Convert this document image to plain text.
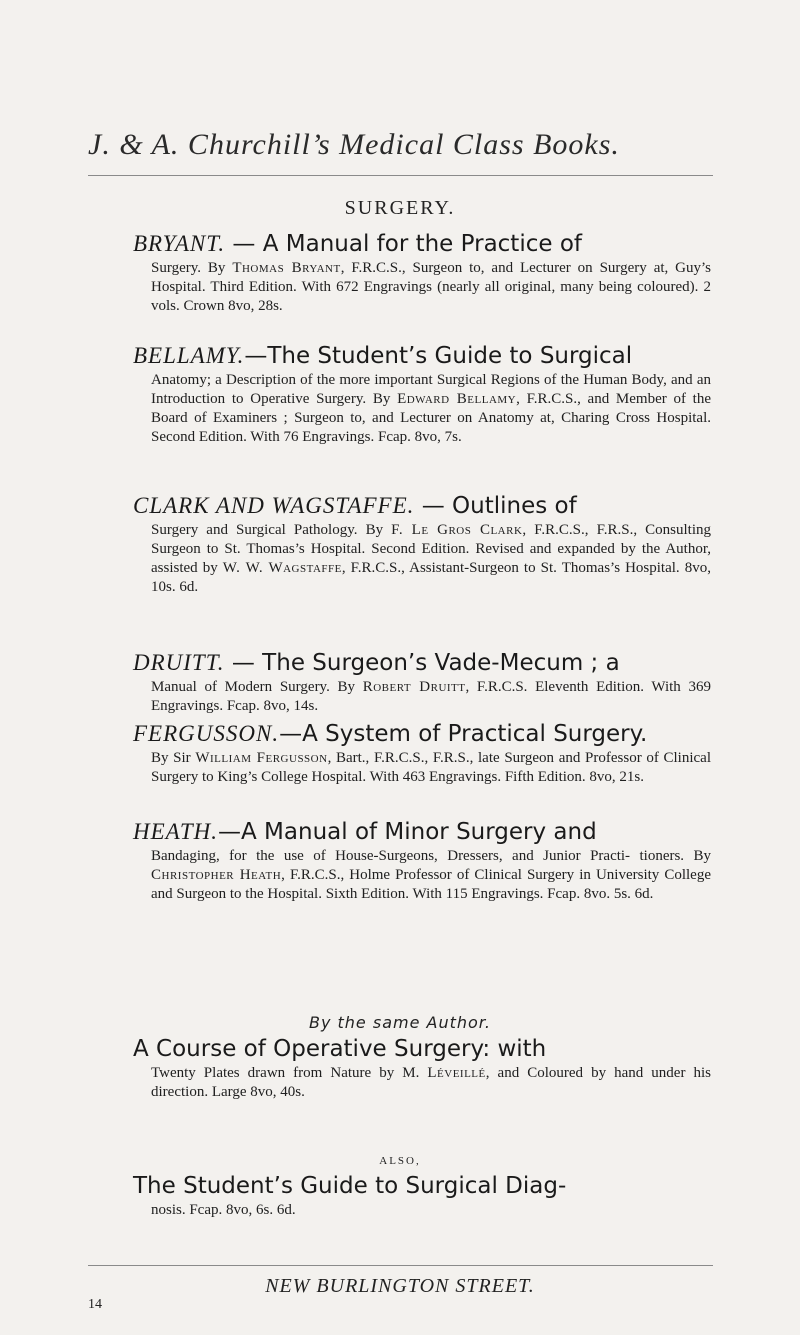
J. & A. Churchill’s Medical Class Books.
SURGERY.
BRYANT. — A Manual for the Practice of
Surgery. By Thomas Bryant, F.R.C.S., Surgeon to, and Lecturer on Surgery at, Guy’s Hospital. Third Edition. With 672 Engravings (nearly all original, many being coloured). 2 vols. Crown 8vo, 28s.
BELLAMY.—The Student’s Guide to Surgical
Anatomy; a Description of the more important Surgical Regions of the Human Body, and an Introduction to Operative Surgery. By Edward Bellamy, F.R.C.S., and Member of the Board of Examiners ; Surgeon to, and Lecturer on Anatomy at, Charing Cross Hospital. Second Edition. With 76 Engravings. Fcap. 8vo, 7s.
CLARK AND WAGSTAFFE. — Outlines of
Surgery and Surgical Pathology. By F. Le Gros Clark, F.R.C.S., F.R.S., Consulting Surgeon to St. Thomas’s Hospital. Second Edition. Revised and expanded by the Author, assisted by W. W. Wagstaffe, F.R.C.S., Assistant-Surgeon to St. Thomas’s Hospital. 8vo, 10s. 6d.
DRUITT. — The Surgeon’s Vade-Mecum ; a
Manual of Modern Surgery. By Robert Druitt, F.R.C.S. Eleventh Edition. With 369 Engravings. Fcap. 8vo, 14s.
FERGUSSON.—A System of Practical Surgery.
By Sir William Fergusson, Bart., F.R.C.S., F.R.S., late Surgeon and Professor of Clinical Surgery to King’s College Hospital. With 463 Engravings. Fifth Edition. 8vo, 21s.
HEATH.—A Manual of Minor Surgery and
Bandaging, for the use of House-Surgeons, Dressers, and Junior Practi- tioners. By Christopher Heath, F.R.C.S., Holme Professor of Clinical Surgery in University College and Surgeon to the Hospital. Sixth Edition. With 115 Engravings. Fcap. 8vo. 5s. 6d.
By the same Author.
A Course of Operative Surgery: with
Twenty Plates drawn from Nature by M. Léveillé, and Coloured by hand under his direction. Large 8vo, 40s.
ALSO,
The Student’s Guide to Surgical Diag-
nosis. Fcap. 8vo, 6s. 6d.
NEW BURLINGTON STREET.
14
